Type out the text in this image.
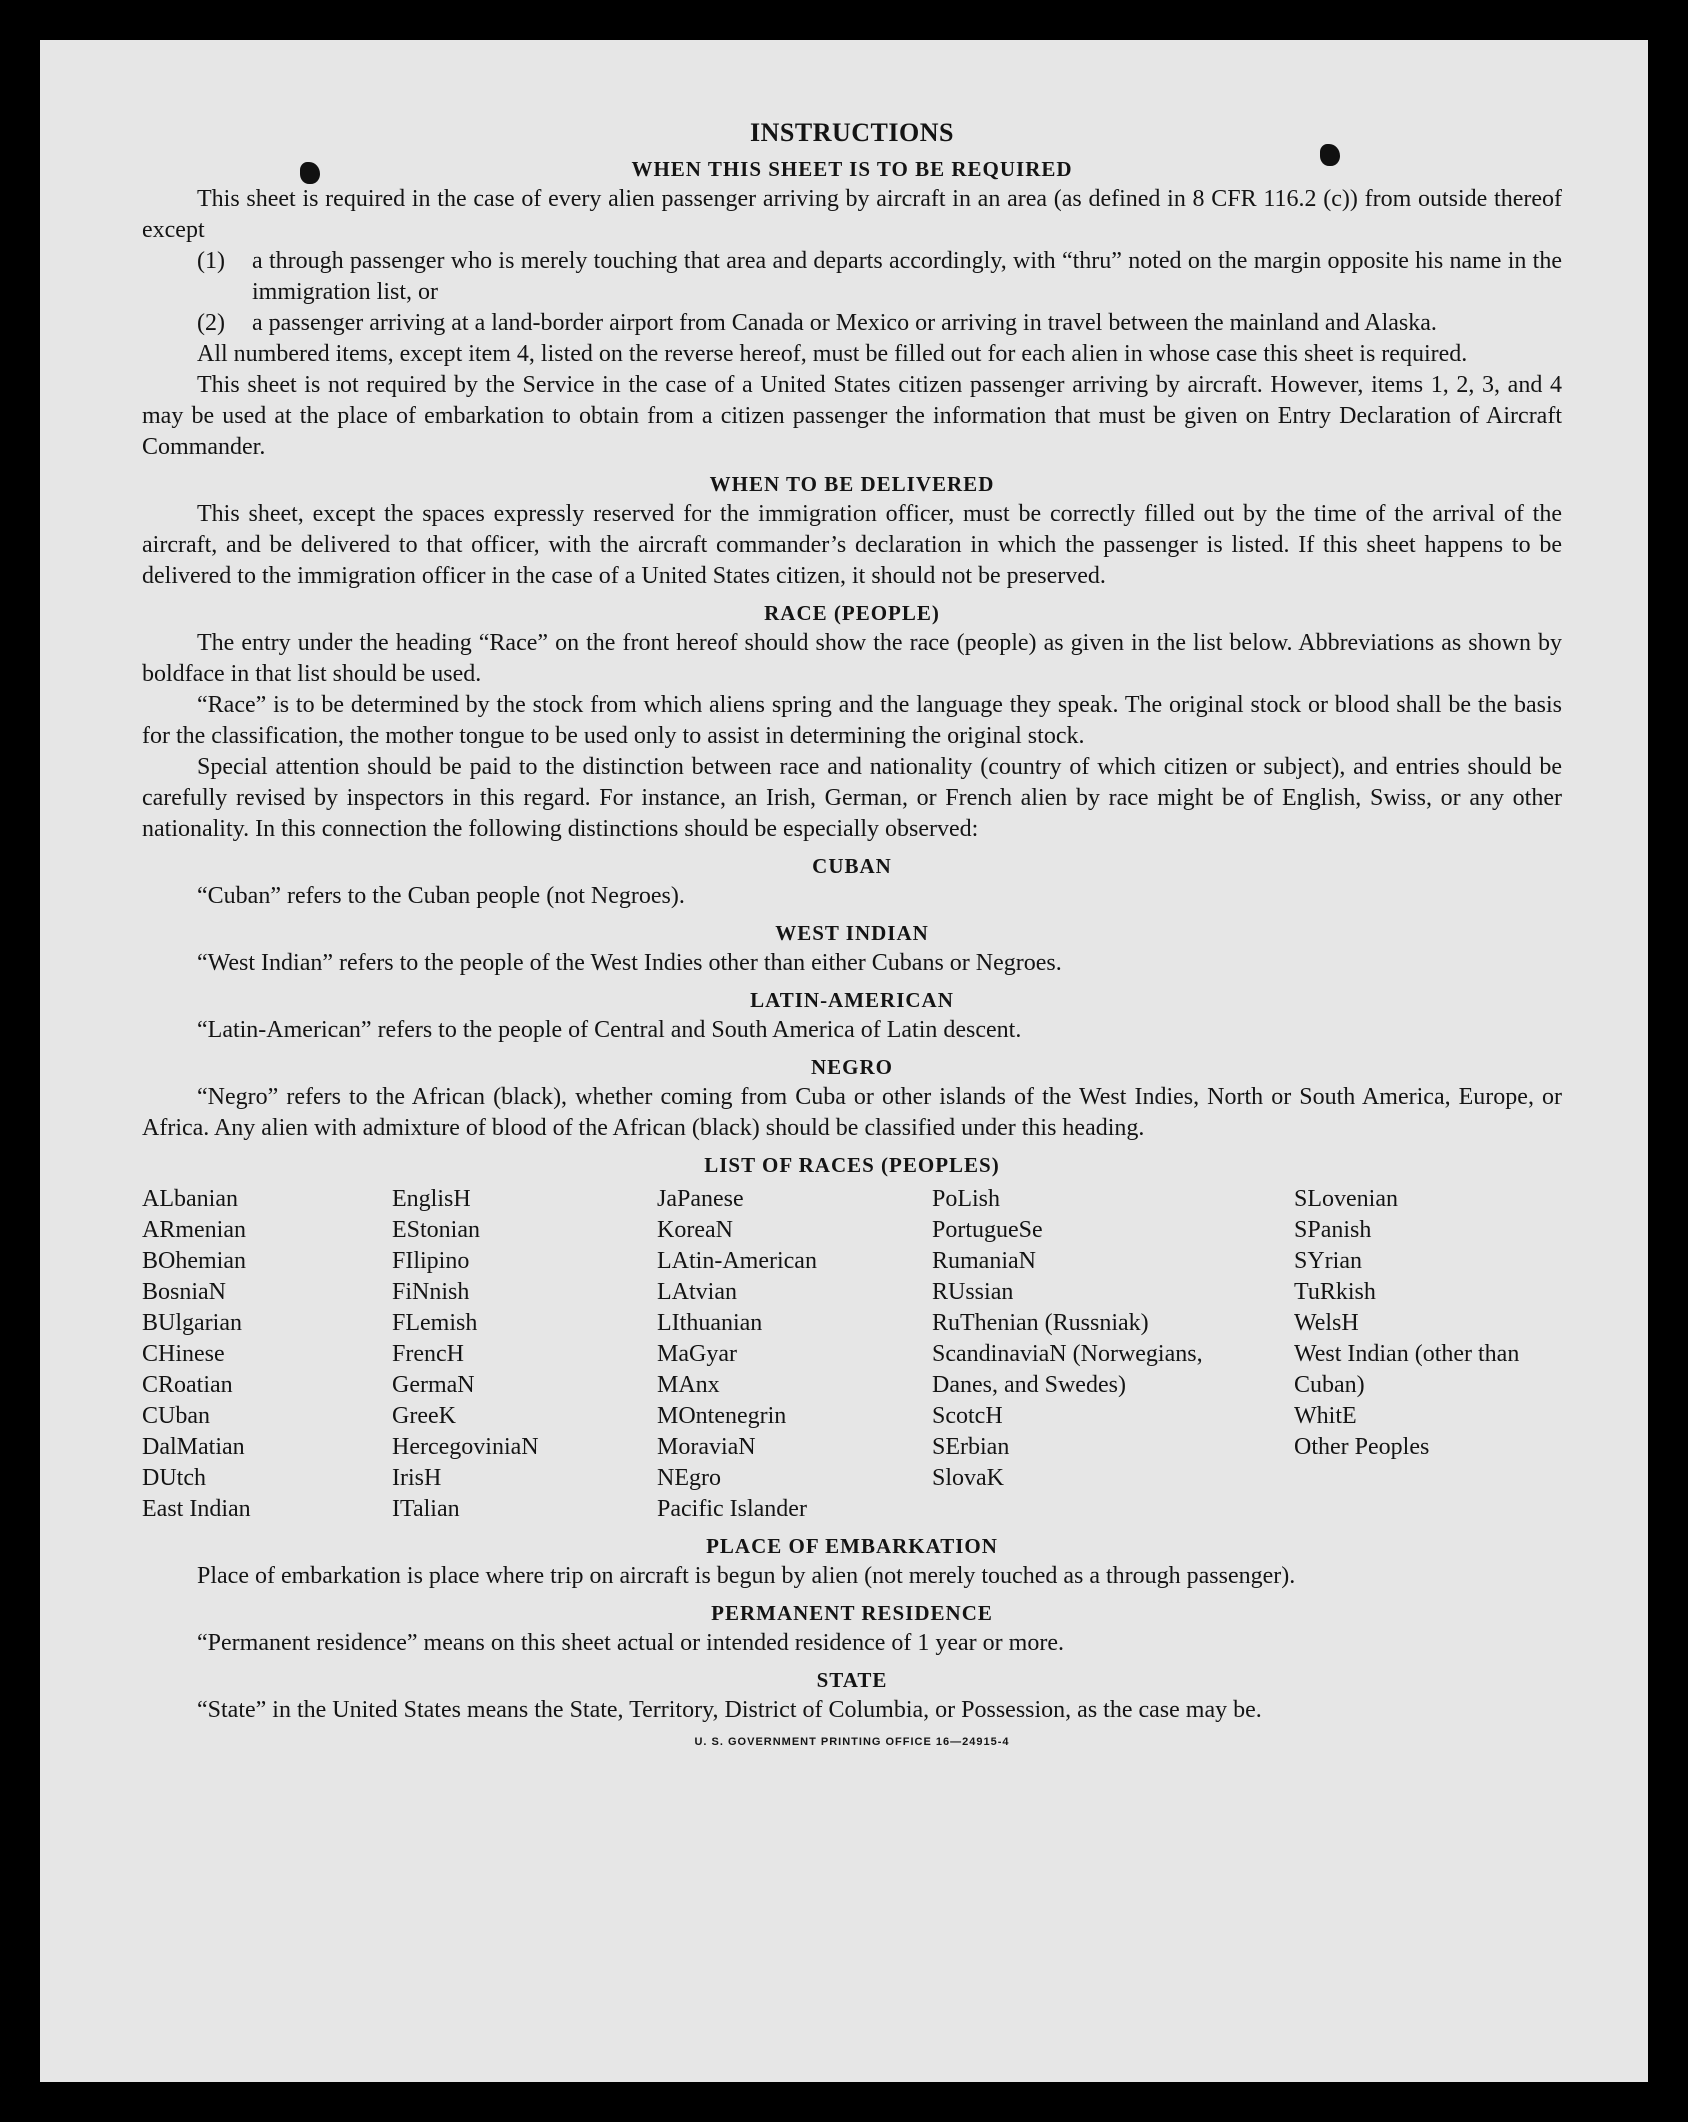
INSTRUCTIONS
WHEN THIS SHEET IS TO BE REQUIRED

This sheet is required in the case of every alien passenger arriving by aircraft in an area (as defined in 8 CFR 116.2 (c)) from outside thereof except

(1)	a through passenger who is merely touching that area and departs accordingly, with “thru” noted on the margin opposite his name in the immigration list, or
(2)	a passenger arriving at a land-border airport from Canada or Mexico or arriving in travel between the mainland and Alaska.

All numbered items, except item 4, listed on the reverse hereof, must be filled out for each alien in whose case this sheet is required.

This sheet is not required by the Service in the case of a United States citizen passenger arriving by aircraft. However, items 1, 2, 3, and 4 may be used at the place of embarkation to obtain from a citizen passenger the information that must be given on Entry Declaration of Aircraft Commander.

WHEN TO BE DELIVERED

This sheet, except the spaces expressly reserved for the immigration officer, must be correctly filled out by the time of the arrival of the aircraft, and be delivered to that officer, with the aircraft commander’s declaration in which the passenger is listed. If this sheet happens to be delivered to the immigration officer in the case of a United States citizen, it should not be preserved.

RACE (PEOPLE)

The entry under the heading “Race” on the front hereof should show the race (people) as given in the list below. Abbreviations as shown by boldface in that list should be used.

“Race” is to be determined by the stock from which aliens spring and the language they speak. The original stock or blood shall be the basis for the classification, the mother tongue to be used only to assist in determining the original stock.

Special attention should be paid to the distinction between race and nationality (country of which citizen or subject), and entries should be carefully revised by inspectors in this regard. For instance, an Irish, German, or French alien by race might be of English, Swiss, or any other nationality. In this connection the following distinctions should be especially observed:

CUBAN

“Cuban” refers to the Cuban people (not Negroes).

WEST INDIAN

“West Indian” refers to the people of the West Indies other than either Cubans or Negroes.

LATIN-AMERICAN

“Latin-American” refers to the people of Central and South America of Latin descent.

NEGRO

“Negro” refers to the African (black), whether coming from Cuba or other islands of the West Indies, North or South America, Europe, or Africa. Any alien with admixture of blood of the African (black) should be classified under this heading.

LIST OF RACES (PEOPLES)
ALbanian
ARmenian
BOhemian
BosniaN
BUlgarian
CHinese
CRoatian
CUban
DalMatian
DUtch
East Indian
EnglisH
EStonian
FIlipino
FiNnish
FLemish
FrencH
GermaN
GreeK
HercegoviniaN
IrisH
ITalian
JaPanese
KoreaN
LAtin-American
LAtvian
LIthuanian
MaGyar
MAnx
MOntenegrin
MoraviaN
NEgro
Pacific Islander
PoLish
PortugueSe
RumaniaN
RUssian
RuThenian (Russniak)
ScandinaviaN (Norwegians, Danes, and Swedes)
ScotcH
SErbian
SlovaK
SLovenian
SPanish
SYrian
TuRkish
WelsH
West Indian (other than Cuban)
WhitE
Other Peoples
PLACE OF EMBARKATION

Place of embarkation is place where trip on aircraft is begun by alien (not merely touched as a through passenger).

PERMANENT RESIDENCE

“Permanent residence” means on this sheet actual or intended residence of 1 year or more.

STATE

“State” in the United States means the State, Territory, District of Columbia, or Possession, as the case may be.

U. S. GOVERNMENT PRINTING OFFICE 16—24915-4
